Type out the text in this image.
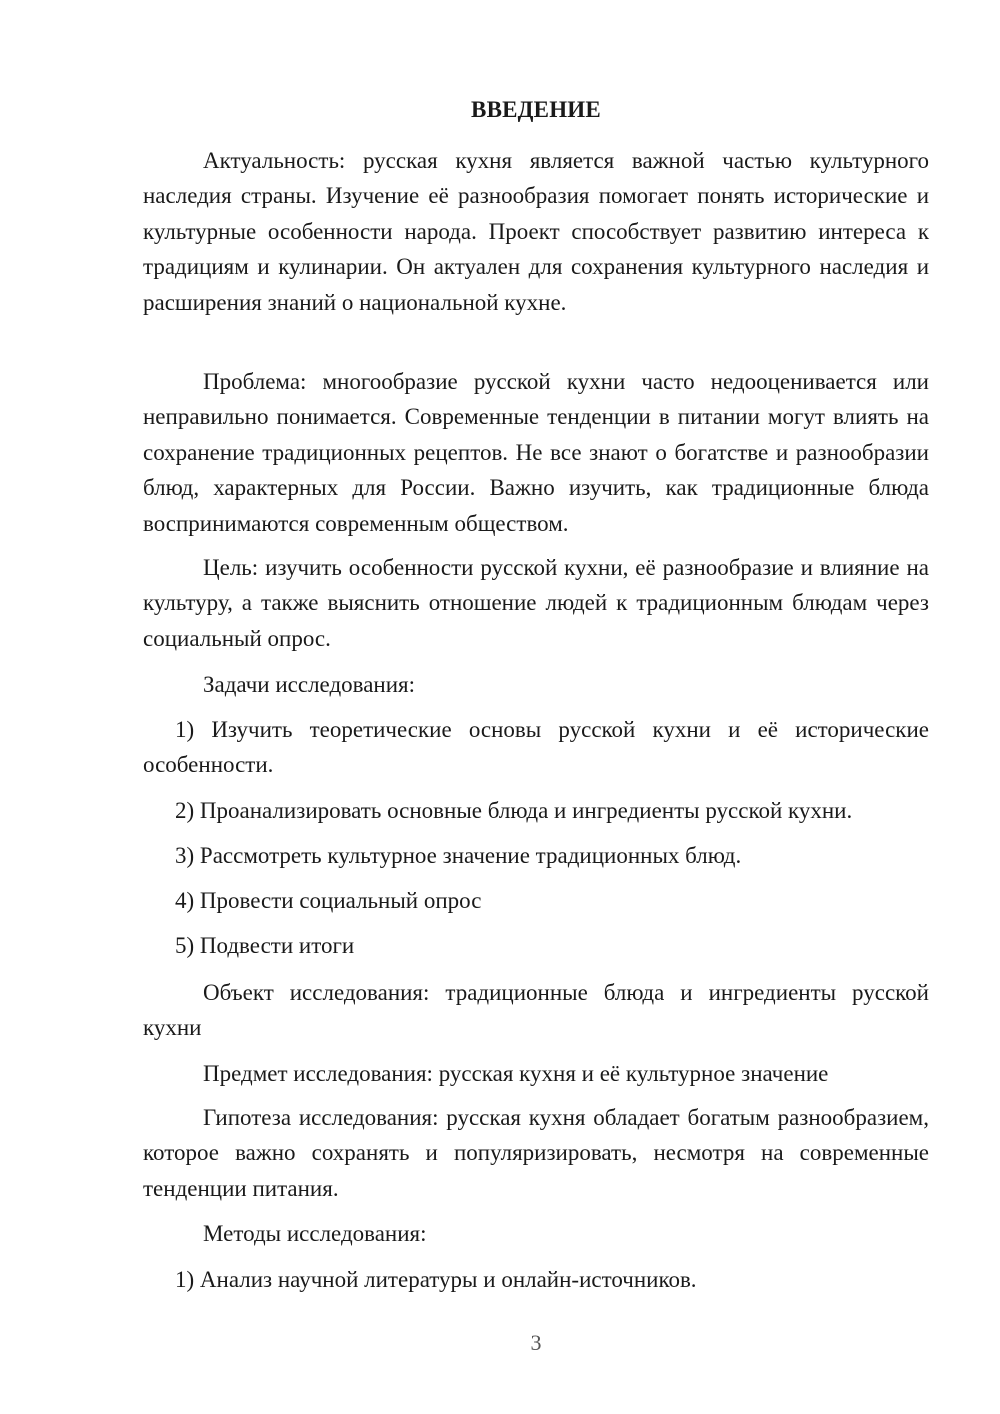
ВВЕДЕНИЕ

Актуальность: русская кухня является важной частью культурного наследия страны. Изучение её разнообразия помогает понять исторические и культурные особенности народа. Проект способствует развитию интереса к традициям и кулинарии. Он актуален для сохранения культурного наследия и расширения знаний о национальной кухне.

Проблема: многообразие русской кухни часто недооценивается или неправильно понимается. Современные тенденции в питании могут влиять на сохранение традиционных рецептов. Не все знают о богатстве и разнообразии блюд, характерных для России. Важно изучить, как традиционные блюда воспринимаются современным обществом.

Цель: изучить особенности русской кухни, её разнообразие и влияние на культуру, а также выяснить отношение людей к традиционным блюдам через социальный опрос.

Задачи исследования:

1) Изучить теоретические основы русской кухни и её исторические особенности.

2) Проанализировать основные блюда и ингредиенты русской кухни.
3) Рассмотреть культурное значение традиционных блюд.
4) Провести социальный опрос
5) Подвести итоги

Объект исследования: традиционные блюда и ингредиенты русской кухни

Предмет исследования: русская кухня и её культурное значение

Гипотеза исследования: русская кухня обладает богатым разнообразием, которое важно сохранять и популяризировать, несмотря на современные тенденции питания.

Методы исследования:
1) Анализ научной литературы и онлайн-источников.
3
